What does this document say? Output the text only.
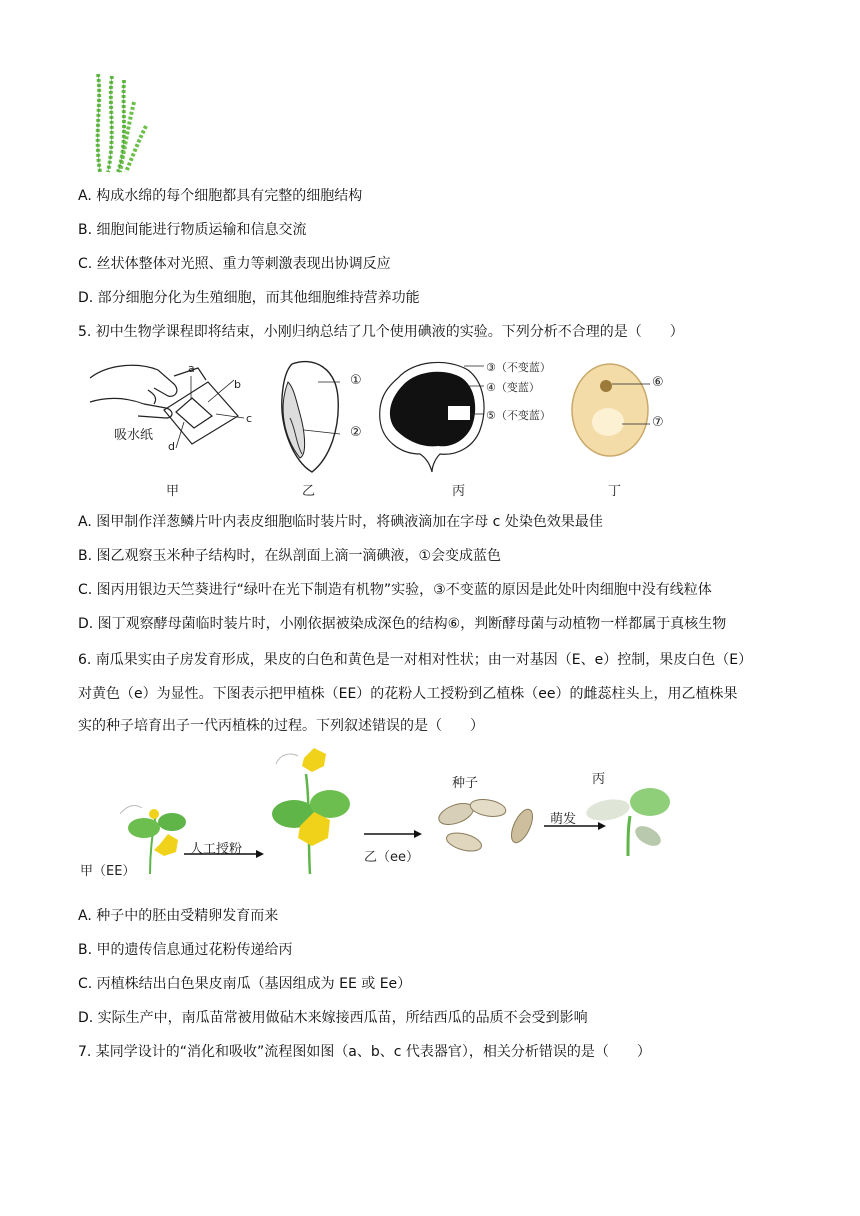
A. 构成水绵的每个细胞都具有完整的细胞结构
B. 细胞间能进行物质运输和信息交流
C. 丝状体整体对光照、重力等刺激表现出协调反应
D. 部分细胞分化为生殖细胞，而其他细胞维持营养功能
5. 初中生物学课程即将结束，小刚归纳总结了几个使用碘液的实验。下列分析不合理的是（　　）
a
b
c
d
吸水纸
甲
①
②
乙
③（不变蓝）
④（变蓝）
⑤（不变蓝）
丙
⑥
⑦
丁
A. 图甲制作洋葱鳞片叶内表皮细胞临时装片时，将碘液滴加在字母 c 处染色效果最佳
B. 图乙观察玉米种子结构时，在纵剖面上滴一滴碘液，①会变成蓝色
C. 图丙用银边天竺葵进行“绿叶在光下制造有机物”实验，③不变蓝的原因是此处叶肉细胞中没有线粒体
D. 图丁观察酵母菌临时装片时，小刚依据被染成深色的结构⑥，判断酵母菌与动植物一样都属于真核生物
6. 南瓜果实由子房发育形成，果皮的白色和黄色是一对相对性状；由一对基因（E、e）控制，果皮白色（E）
对黄色（e）为显性。下图表示把甲植株（EE）的花粉人工授粉到乙植株（ee）的雌蕊柱头上，用乙植株果
实的种子培育出子一代丙植株的过程。下列叙述错误的是（　　）
甲（EE）
人工授粉
乙（ee）
种子
萌发
丙
A. 种子中的胚由受精卵发育而来
B. 甲的遗传信息通过花粉传递给丙
C. 丙植株结出白色果皮南瓜（基因组成为 EE 或 Ee）
D. 实际生产中，南瓜苗常被用做砧木来嫁接西瓜苗，所结西瓜的品质不会受到影响
7. 某同学设计的“消化和吸收”流程图如图（a、b、c 代表器官），相关分析错误的是（　　）
